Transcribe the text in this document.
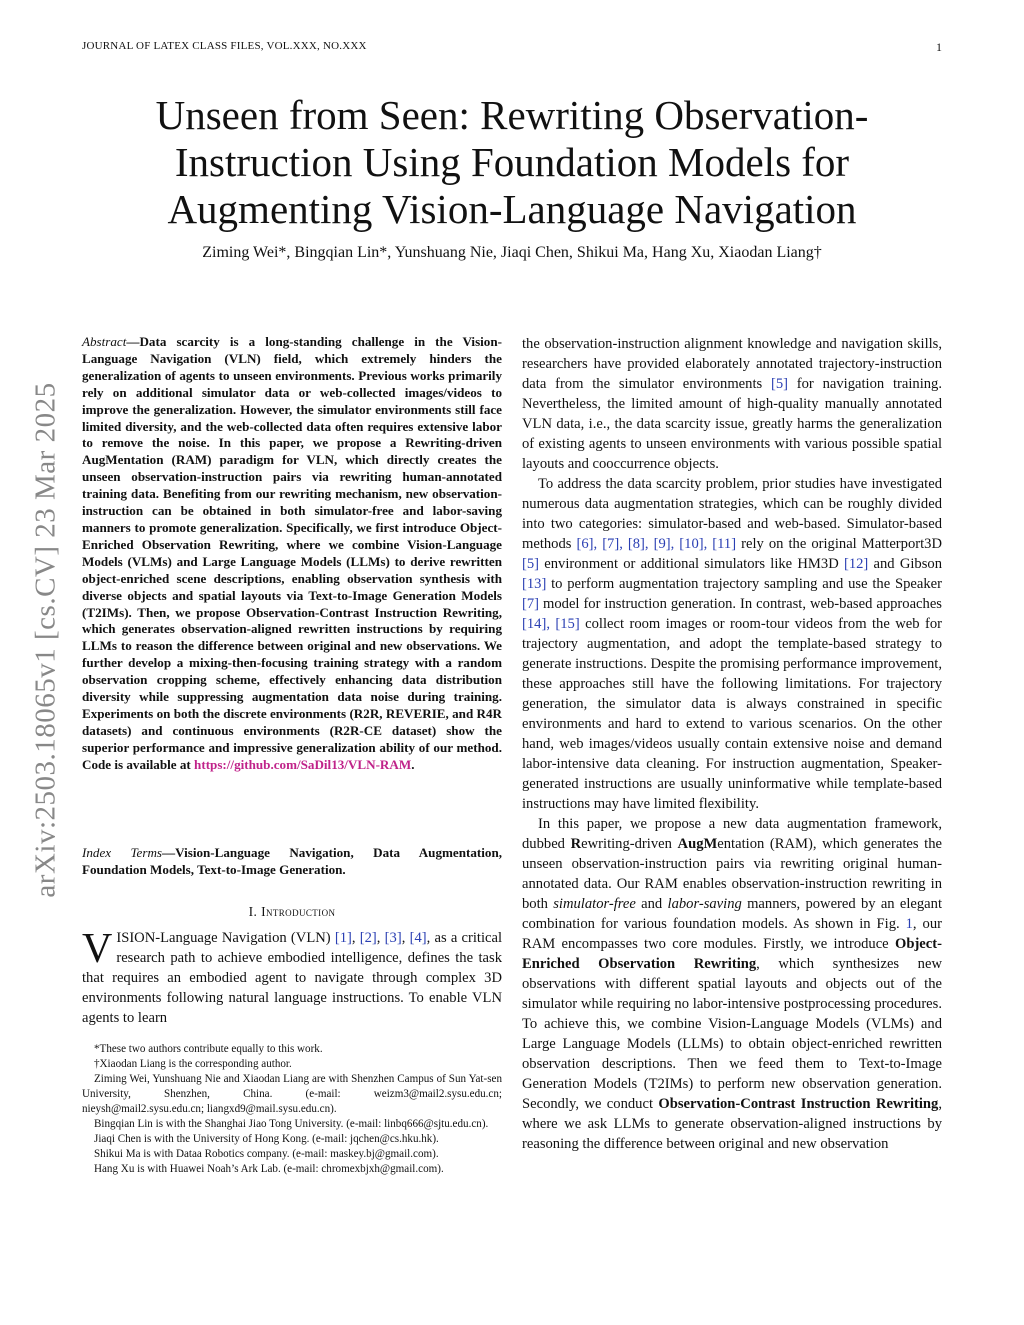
JOURNAL OF LATEX CLASS FILES, VOL.XXX, NO.XXX	1
arXiv:2503.18065v1 [cs.CV] 23 Mar 2025
Unseen from Seen: Rewriting Observation-Instruction Using Foundation Models for Augmenting Vision-Language Navigation
Ziming Wei*, Bingqian Lin*, Yunshuang Nie, Jiaqi Chen, Shikui Ma, Hang Xu, Xiaodan Liang†
Abstract—Data scarcity is a long-standing challenge in the Vision-Language Navigation (VLN) field, which extremely hinders the generalization of agents to unseen environments. Previous works primarily rely on additional simulator data or web-collected images/videos to improve the generalization. However, the simulator environments still face limited diversity, and the web-collected data often requires extensive labor to remove the noise. In this paper, we propose a Rewriting-driven AugMentation (RAM) paradigm for VLN, which directly creates the unseen observation-instruction pairs via rewriting human-annotated training data. Benefiting from our rewriting mechanism, new observation-instruction can be obtained in both simulator-free and labor-saving manners to promote generalization. Specifically, we first introduce Object-Enriched Observation Rewriting, where we combine Vision-Language Models (VLMs) and Large Language Models (LLMs) to derive rewritten object-enriched scene descriptions, enabling observation synthesis with diverse objects and spatial layouts via Text-to-Image Generation Models (T2IMs). Then, we propose Observation-Contrast Instruction Rewriting, which generates observation-aligned rewritten instructions by requiring LLMs to reason the difference between original and new observations. We further develop a mixing-then-focusing training strategy with a random observation cropping scheme, effectively enhancing data distribution diversity while suppressing augmentation data noise during training. Experiments on both the discrete environments (R2R, REVERIE, and R4R datasets) and continuous environments (R2R-CE dataset) show the superior performance and impressive generalization ability of our method. Code is available at https://github.com/SaDil13/VLN-RAM.
Index Terms—Vision-Language Navigation, Data Augmentation, Foundation Models, Text-to-Image Generation.
I. Introduction
VISION-Language Navigation (VLN) [1], [2], [3], [4], as a critical research path to achieve embodied intelligence, defines the task that requires an embodied agent to navigate through complex 3D environments following natural language instructions. To enable VLN agents to learn

*These two authors contribute equally to this work.

†Xiaodan Liang is the corresponding author.

Ziming Wei, Yunshuang Nie and Xiaodan Liang are with Shenzhen Campus of Sun Yat-sen University, Shenzhen, China. (e-mail: weizm3@mail2.sysu.edu.cn; nieysh@mail2.sysu.edu.cn; liangxd9@mail.sysu.edu.cn).

Bingqian Lin is with the Shanghai Jiao Tong University. (e-mail: linbq666@sjtu.edu.cn).

Jiaqi Chen is with the University of Hong Kong. (e-mail: jqchen@cs.hku.hk).

Shikui Ma is with Dataa Robotics company. (e-mail: maskey.bj@gmail.com).

Hang Xu is with Huawei Noah’s Ark Lab. (e-mail: chromexbjxh@gmail.com).

the observation-instruction alignment knowledge and navigation skills, researchers have provided elaborately annotated trajectory-instruction data from the simulator environments [5] for navigation training. Nevertheless, the limited amount of high-quality manually annotated VLN data, i.e., the data scarcity issue, greatly harms the generalization of existing agents to unseen environments with various possible spatial layouts and cooccurrence objects.

To address the data scarcity problem, prior studies have investigated numerous data augmentation strategies, which can be roughly divided into two categories: simulator-based and web-based. Simulator-based methods [6], [7], [8], [9], [10], [11] rely on the original Matterport3D [5] environment or additional simulators like HM3D [12] and Gibson [13] to perform augmentation trajectory sampling and use the Speaker [7] model for instruction generation. In contrast, web-based approaches [14], [15] collect room images or room-tour videos from the web for trajectory augmentation, and adopt the template-based strategy to generate instructions. Despite the promising performance improvement, these approaches still have the following limitations. For trajectory generation, the simulator data is always constrained in specific environments and hard to extend to various scenarios. On the other hand, web images/videos usually contain extensive noise and demand labor-intensive data cleaning. For instruction augmentation, Speaker-generated instructions are usually uninformative while template-based instructions may have limited flexibility.

In this paper, we propose a new data augmentation framework, dubbed Rewriting-driven AugMentation (RAM), which generates the unseen observation-instruction pairs via rewriting original human-annotated data. Our RAM enables observation-instruction rewriting in both simulator-free and labor-saving manners, powered by an elegant combination for various foundation models. As shown in Fig. 1, our RAM encompasses two core modules. Firstly, we introduce Object-Enriched Observation Rewriting, which synthesizes new observations with different spatial layouts and objects out of the simulator while requiring no labor-intensive postprocessing procedures. To achieve this, we combine Vision-Language Models (VLMs) and Large Language Models (LLMs) to obtain object-enriched rewritten observation descriptions. Then we feed them to Text-to-Image Generation Models (T2IMs) to perform new observation generation. Secondly, we conduct Observation-Contrast Instruction Rewriting, where we ask LLMs to generate observation-aligned instructions by reasoning the difference between original and new observation
